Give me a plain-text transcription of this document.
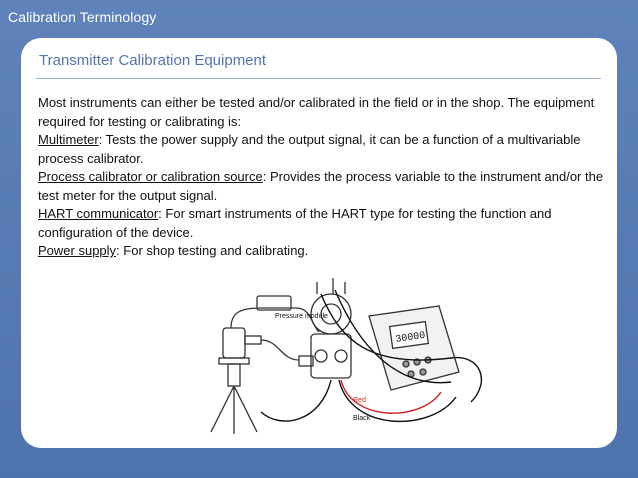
Calibration Terminology
Transmitter Calibration Equipment
Most instruments can either be tested and/or calibrated in the field or in the shop. The equipment required for testing or calibrating is:
Multimeter: Tests the power supply and the output signal, it can be a function of a multivariable process calibrator.
Process calibrator or calibration source: Provides the process variable to the instrument and/or the test meter for the output signal.
HART communicator: For smart instruments of the HART type for testing the function and configuration of the device.
Power supply: For shop testing and calibrating.
30000
Pressure module
Red
Black
